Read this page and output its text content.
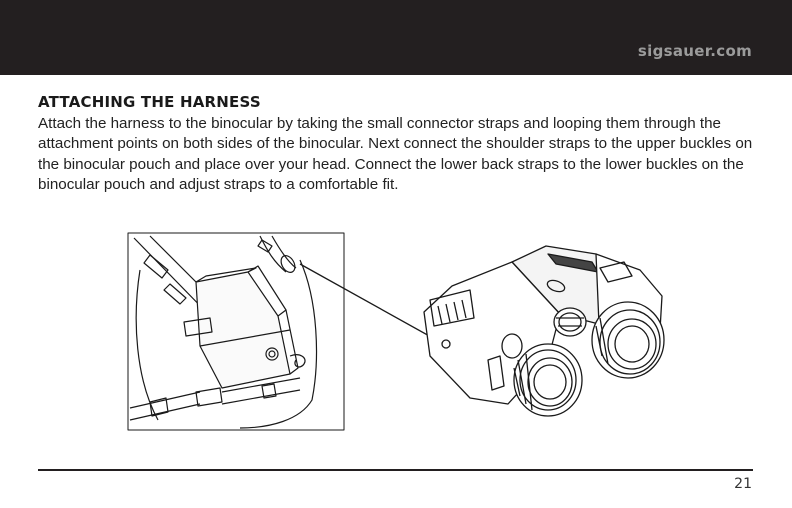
sigsauer.com
ATTACHING THE HARNESS

Attach the harness to the binocular by taking the small connector straps and looping them through the attachment points on both sides of the binocular. Next connect the shoulder straps to the upper buckles on the binocular pouch and place over your head. Connect the lower back straps to the lower buckles on the binocular pouch and adjust straps to a comfortable fit.

21
